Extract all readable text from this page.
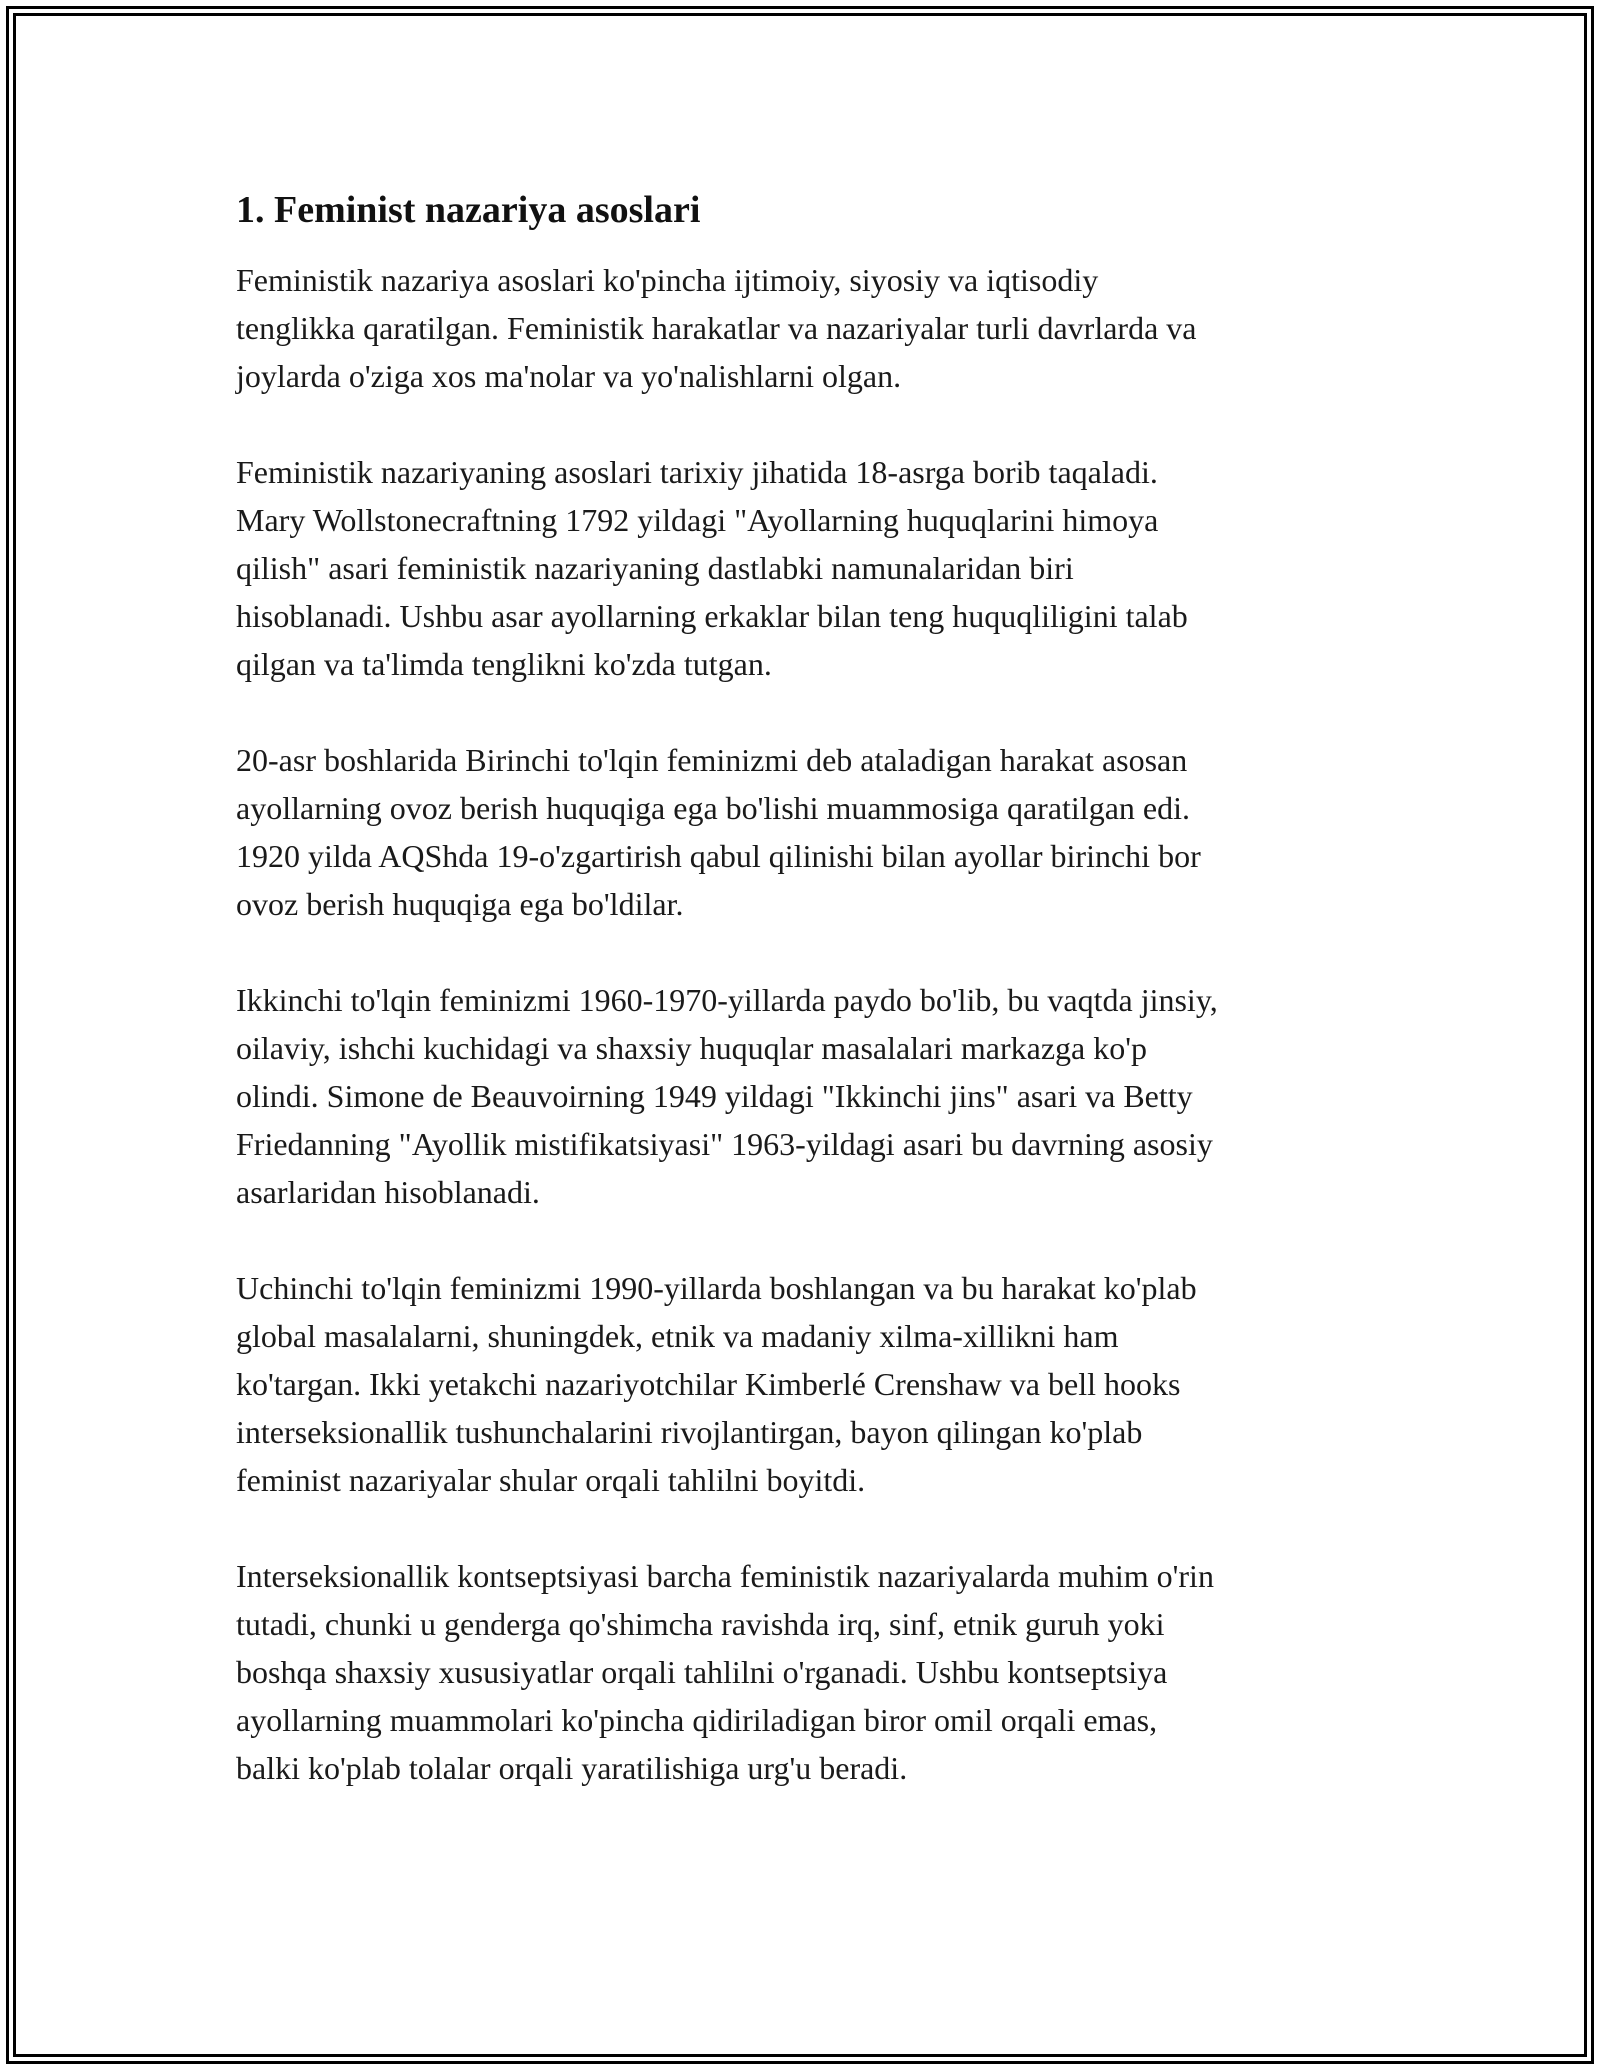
1. Feminist nazariya asoslari
Feministik nazariya asoslari ko'pincha ijtimoiy, siyosiy va iqtisodiy
tenglikka qaratilgan. Feministik harakatlar va nazariyalar turli davrlarda va
joylarda o'ziga xos ma'nolar va yo'nalishlarni olgan.
Feministik nazariyaning asoslari tarixiy jihatida 18-asrga borib taqaladi.
Mary Wollstonecraftning 1792 yildagi "Ayollarning huquqlarini himoya
qilish" asari feministik nazariyaning dastlabki namunalaridan biri
hisoblanadi. Ushbu asar ayollarning erkaklar bilan teng huquqliligini talab
qilgan va ta'limda tenglikni ko'zda tutgan.
20-asr boshlarida Birinchi to'lqin feminizmi deb ataladigan harakat asosan
ayollarning ovoz berish huquqiga ega bo'lishi muammosiga qaratilgan edi.
1920 yilda AQShda 19-o'zgartirish qabul qilinishi bilan ayollar birinchi bor
ovoz berish huquqiga ega bo'ldilar.
Ikkinchi to'lqin feminizmi 1960-1970-yillarda paydo bo'lib, bu vaqtda jinsiy,
oilaviy, ishchi kuchidagi va shaxsiy huquqlar masalalari markazga ko'p
olindi. Simone de Beauvoirning 1949 yildagi "Ikkinchi jins" asari va Betty
Friedanning "Ayollik mistifikatsiyasi" 1963-yildagi asari bu davrning asosiy
asarlaridan hisoblanadi.
Uchinchi to'lqin feminizmi 1990-yillarda boshlangan va bu harakat ko'plab
global masalalarni, shuningdek, etnik va madaniy xilma-xillikni ham
ko'targan. Ikki yetakchi nazariyotchilar Kimberlé Crenshaw va bell hooks
interseksionallik tushunchalarini rivojlantirgan, bayon qilingan ko'plab
feminist nazariyalar shular orqali tahlilni boyitdi.
Interseksionallik kontseptsiyasi barcha feministik nazariyalarda muhim o'rin
tutadi, chunki u genderga qo'shimcha ravishda irq, sinf, etnik guruh yoki
boshqa shaxsiy xususiyatlar orqali tahlilni o'rganadi. Ushbu kontseptsiya
ayollarning muammolari ko'pincha qidiriladigan biror omil orqali emas,
balki ko'plab tolalar orqali yaratilishiga urg'u beradi.
